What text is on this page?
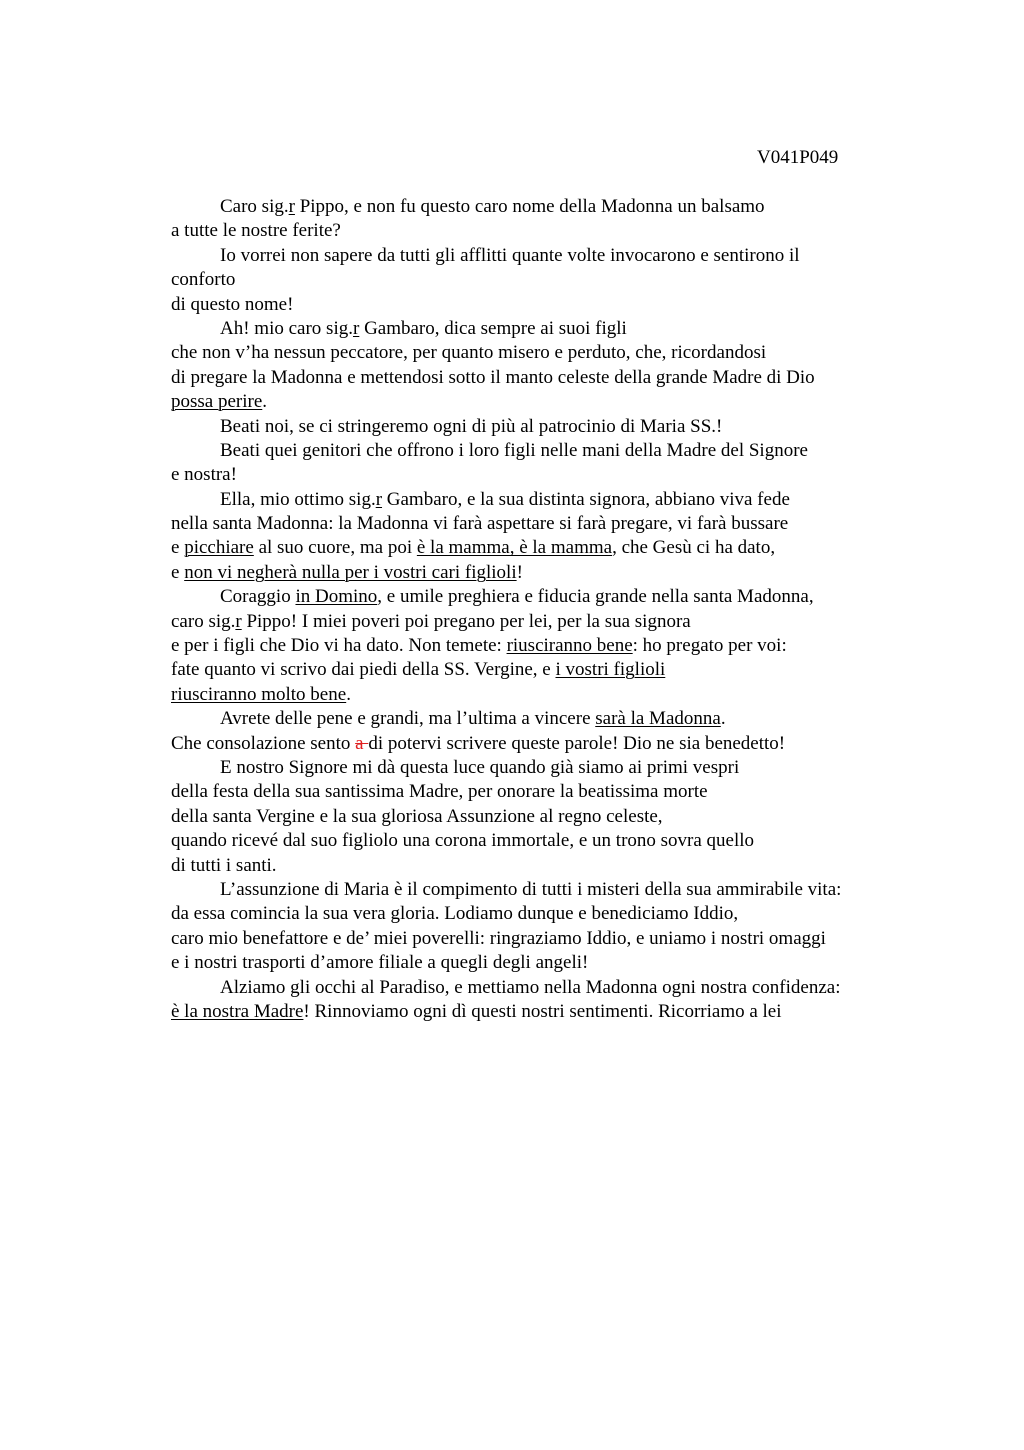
V041P049
Caro sig.r Pippo, e non fu questo caro nome della Madonna un balsamo
a tutte le nostre ferite?
Io vorrei non sapere da tutti gli afflitti quante volte invocarono e sentirono il
conforto
di questo nome!
Ah! mio caro sig.r Gambaro, dica sempre ai suoi figli
che non v’ha nessun peccatore, per quanto misero e perduto, che, ricordandosi
di pregare la Madonna e mettendosi sotto il manto celeste della grande Madre di Dio
possa perire.
Beati noi, se ci stringeremo ogni di più al patrocinio di Maria SS.!
Beati quei genitori che offrono i loro figli nelle mani della Madre del Signore
e nostra!
Ella, mio ottimo sig.r Gambaro, e la sua distinta signora, abbiano viva fede
nella santa Madonna: la Madonna vi farà aspettare si farà pregare, vi farà bussare
e picchiare al suo cuore, ma poi è la mamma, è la mamma, che Gesù ci ha dato,
e non vi negherà nulla per i vostri cari figlioli!
Coraggio in Domino, e umile preghiera e fiducia grande nella santa Madonna,
caro sig.r Pippo! I miei poveri poi pregano per lei, per la sua signora
e per i figli che Dio vi ha dato. Non temete: riusciranno bene: ho pregato per voi:
fate quanto vi scrivo dai piedi della SS. Vergine, e i vostri figlioli
riusciranno molto bene.
Avrete delle pene e grandi, ma l’ultima a vincere sarà la Madonna.
Che consolazione sento a di potervi scrivere queste parole! Dio ne sia benedetto!
E nostro Signore mi dà questa luce quando già siamo ai primi vespri
della festa della sua santissima Madre, per onorare la beatissima morte
della santa Vergine e la sua gloriosa Assunzione al regno celeste,
quando ricevé dal suo figliolo una corona immortale, e un trono sovra quello
di tutti i santi.
L’assunzione di Maria è il compimento di tutti i misteri della sua ammirabile vita:
da essa comincia la sua vera gloria. Lodiamo dunque e benediciamo Iddio,
caro mio benefattore e de’ miei poverelli: ringraziamo Iddio, e uniamo i nostri omaggi
e i nostri trasporti d’amore filiale a quegli degli angeli!
Alziamo gli occhi al Paradiso, e mettiamo nella Madonna ogni nostra confidenza:
è la nostra Madre! Rinnoviamo ogni dì questi nostri sentimenti. Ricorriamo a lei
